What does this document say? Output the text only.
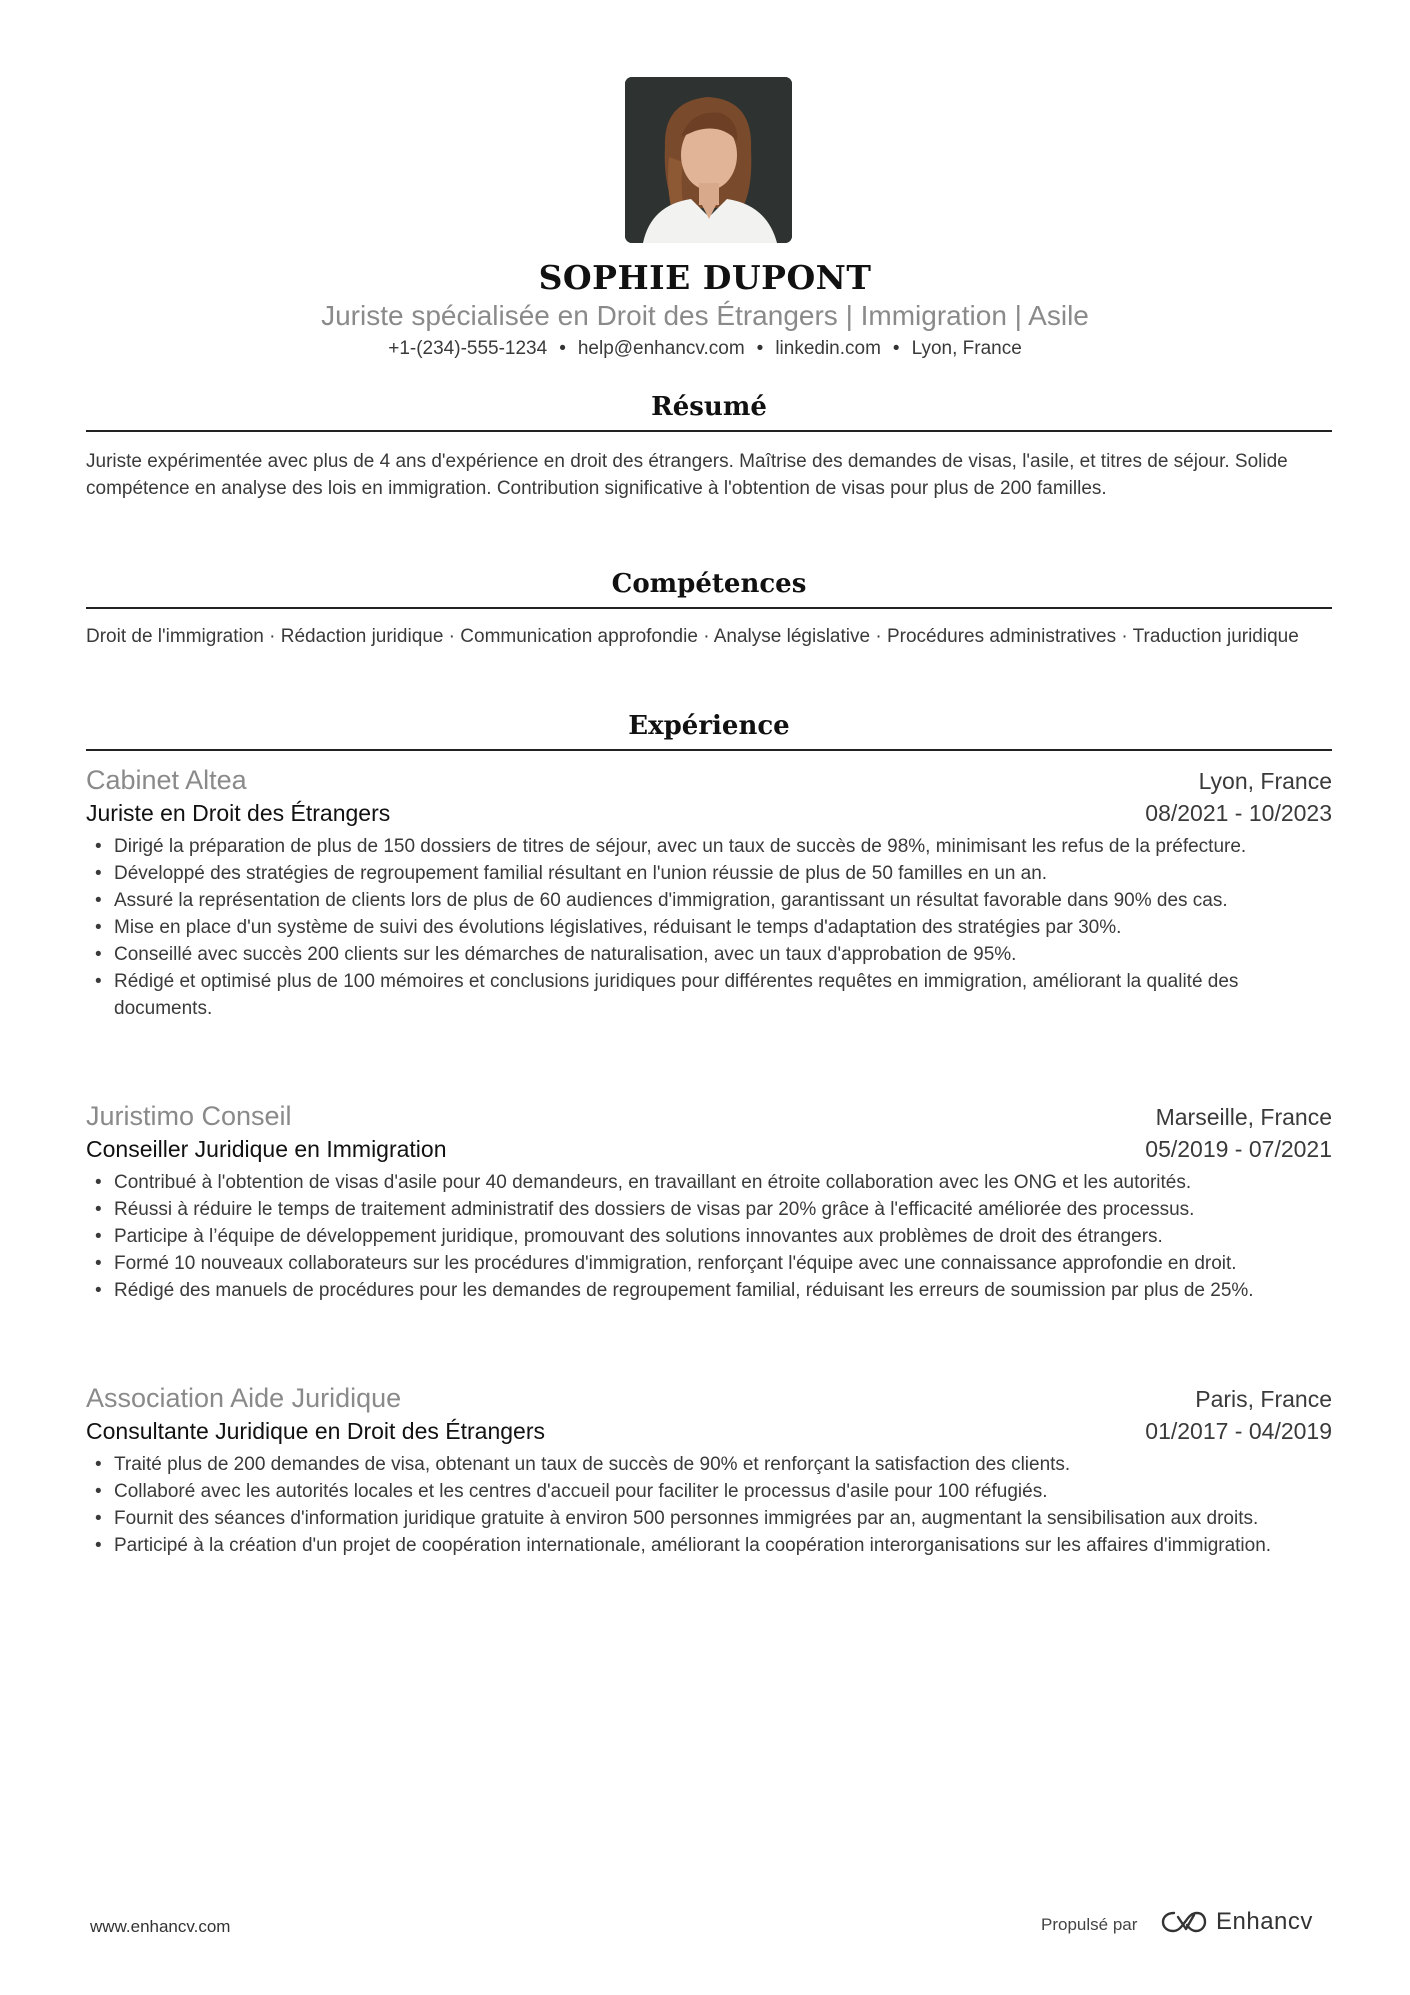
SOPHIE DUPONT
Juriste spécialisée en Droit des Étrangers | Immigration | Asile
+1-(234)-555-1234 • help@enhancv.com • linkedin.com • Lyon, France
Résumé
Juriste expérimentée avec plus de 4 ans d'expérience en droit des étrangers. Maîtrise des demandes de visas, l'asile, et titres de séjour. Solide compétence en analyse des lois en immigration. Contribution significative à l'obtention de visas pour plus de 200 familles.
Compétences
Droit de l'immigration · Rédaction juridique · Communication approfondie · Analyse législative · Procédures administratives · Traduction juridique
Expérience
Cabinet Altea	Lyon, France
Juriste en Droit des Étrangers	08/2021 - 10/2023
• Dirigé la préparation de plus de 150 dossiers de titres de séjour, avec un taux de succès de 98%, minimisant les refus de la préfecture.
• Développé des stratégies de regroupement familial résultant en l'union réussie de plus de 50 familles en un an.
• Assuré la représentation de clients lors de plus de 60 audiences d'immigration, garantissant un résultat favorable dans 90% des cas.
• Mise en place d'un système de suivi des évolutions législatives, réduisant le temps d'adaptation des stratégies par 30%.
• Conseillé avec succès 200 clients sur les démarches de naturalisation, avec un taux d'approbation de 95%.
• Rédigé et optimisé plus de 100 mémoires et conclusions juridiques pour différentes requêtes en immigration, améliorant la qualité des documents.
Juristimo Conseil	Marseille, France
Conseiller Juridique en Immigration	05/2019 - 07/2021
• Contribué à l'obtention de visas d'asile pour 40 demandeurs, en travaillant en étroite collaboration avec les ONG et les autorités.
• Réussi à réduire le temps de traitement administratif des dossiers de visas par 20% grâce à l'efficacité améliorée des processus.
• Participe à l’équipe de développement juridique, promouvant des solutions innovantes aux problèmes de droit des étrangers.
• Formé 10 nouveaux collaborateurs sur les procédures d'immigration, renforçant l'équipe avec une connaissance approfondie en droit.
• Rédigé des manuels de procédures pour les demandes de regroupement familial, réduisant les erreurs de soumission par plus de 25%.
Association Aide Juridique	Paris, France
Consultante Juridique en Droit des Étrangers	01/2017 - 04/2019
• Traité plus de 200 demandes de visa, obtenant un taux de succès de 90% et renforçant la satisfaction des clients.
• Collaboré avec les autorités locales et les centres d'accueil pour faciliter le processus d'asile pour 100 réfugiés.
• Fournit des séances d'information juridique gratuite à environ 500 personnes immigrées par an, augmentant la sensibilisation aux droits.
• Participé à la création d'un projet de coopération internationale, améliorant la coopération interorganisations sur les affaires d'immigration.
www.enhancv.com	Propulsé par	Enhancv
